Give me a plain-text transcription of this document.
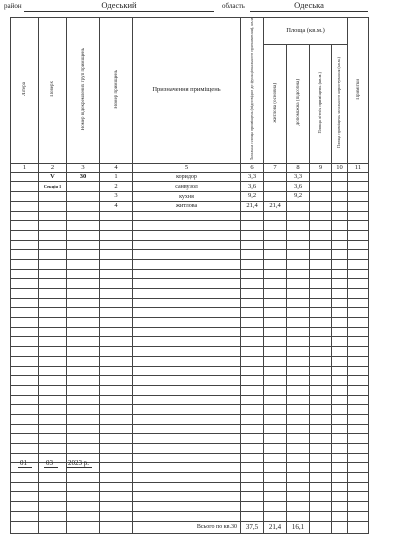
район	Одеський	область	Одеська
Літера	Поверх	Номер відокремлених груп приміщень	Номер приміщень	Призначення приміщень	Загальна площа приміщень (відповідно до функціонального призначення), кв.м	Площа (кв.м.)				Примітки
						житлова (основна)	допоміжна (підсобна)	Площа літніх приміщень (кв.м.)	Площа приміщень загального користування (кв.м.)	
1	2	3	4	5	6	7	8	9	10	11
	V	30	1	коридор	3,3		3,3			
	Секція 1		2	санвузол	3,6		3,6			
			3	кухня	9,2		9,2			
			4	житлова	21,4	21,4				

				Всього по кв.30	37,5	21,4	16,1			
01	03 2023 р.
